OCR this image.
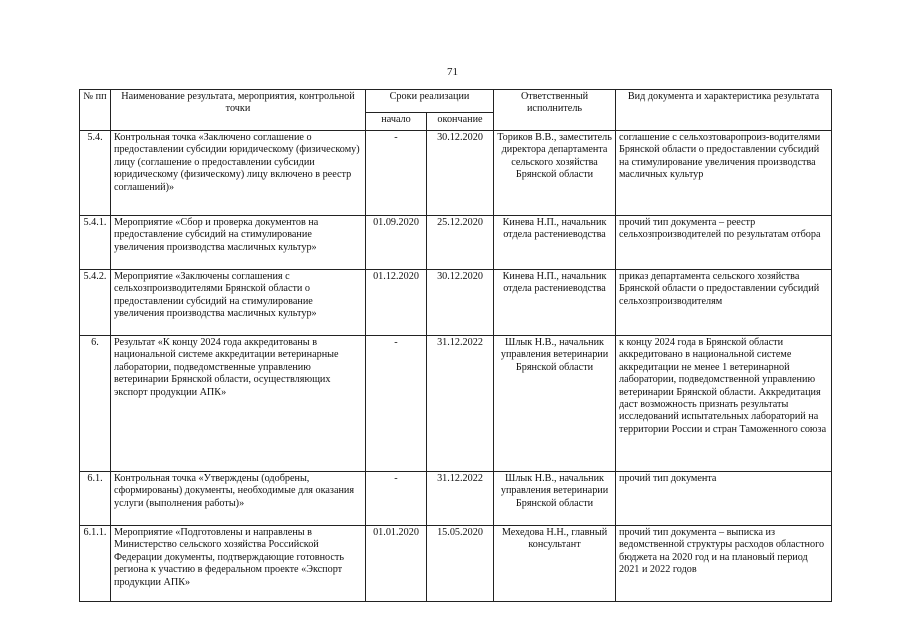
71
№ пп	Наименование результата, мероприятия, контрольной точки	Сроки реализации		Ответственный исполнитель	Вид документа и характеристика результата
		начало	окончание		
5.4.	Контрольная точка «Заключено соглашение о предоставлении субсидии юридическому (физическому) лицу (соглашение о предоставлении субсидии юридическому (физическому) лицу включено в реестр соглашений)»	-	30.12.2020	Ториков В.В., заместитель директора департамента сельского хозяйства Брянской области	соглашение с сельхозтоваропроиз-водителями Брянской области о предоставлении субсидий на стимулирование увеличения производства масличных культур
5.4.1.	Мероприятие «Сбор и проверка документов на предоставление субсидий на стимулирование увеличения производства масличных культур»	01.09.2020	25.12.2020	Кинева Н.П., начальник отдела растениеводства	прочий тип документа – реестр сельхозпроизводителей по результатам отбора
5.4.2.	Мероприятие «Заключены соглашения с сельхозпроизводителями Брянской области о предоставлении субсидий на стимулирование увеличения производства масличных культур»	01.12.2020	30.12.2020	Кинева Н.П., начальник отдела растениеводства	приказ департамента сельского хозяйства Брянской области о предоставлении субсидий сельхозпроизводителям
6.	Результат «К концу 2024 года аккредитованы в национальной системе аккредитации ветеринарные лаборатории, подведомственные управлению ветеринарии Брянской области, осуществляющих экспорт продукции АПК»	-	31.12.2022	Шлык Н.В., начальник управления ветеринарии Брянской области	к концу 2024 года в Брянской области аккредитовано в национальной системе аккредитации не менее 1 ветеринарной лаборатории, подведомственной управлению ветеринарии Брянской области. Аккредитация даст возможность признать результаты исследований испытательных лабораторий на территории России и стран Таможенного союза
6.1.	Контрольная точка «Утверждены (одобрены, сформированы) документы, необходимые для оказания услуги (выполнения работы)»	-	31.12.2022	Шлык Н.В., начальник управления ветеринарии Брянской области	прочий тип документа
6.1.1.	Мероприятие «Подготовлены и направлены в Министерство сельского хозяйства Российской Федерации документы, подтверждающие готовность региона к участию в федеральном проекте «Экспорт продукции АПК»	01.01.2020	15.05.2020	Мехедова Н.Н., главный консультант	прочий тип документа – выписка из ведомственной структуры расходов областного бюджета на 2020 год и на плановый период 2021 и 2022 годов
